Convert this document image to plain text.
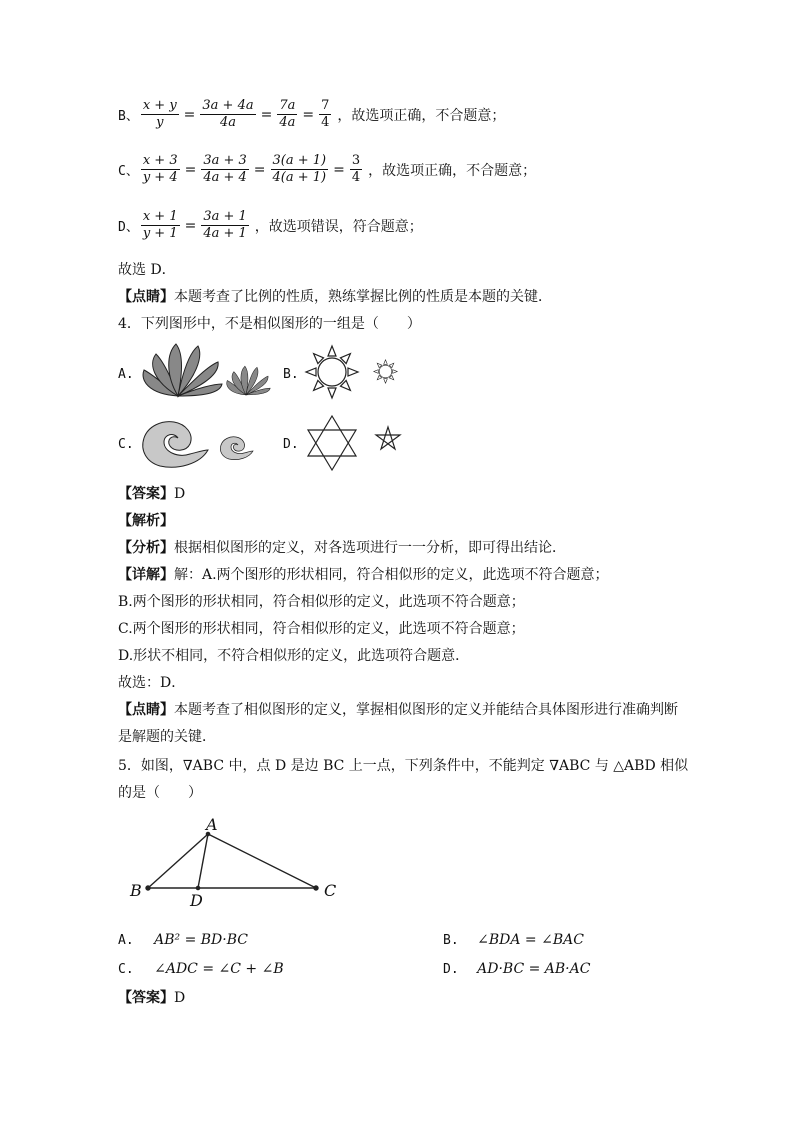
B、 $\frac{x + y}{y} = \frac{3a + 4a}{4a} = \frac{7a}{4a} = \frac{7}{4}$ ，故选项正确，不合题意；
C、 $\frac{x + 3}{y + 4} = \frac{3a + 3}{4a + 4} = \frac{3(a + 1)}{4(a + 1)} = \frac{3}{4}$ ，故选项正确，不合题意；
D、 $\frac{x + 1}{y + 1} = \frac{3a + 1}{4a + 1}$ ，故选项错误，符合题意；
故选 D．
【点睛】本题考查了比例的性质，熟练掌握比例的性质是本题的关键．
4．下列图形中，不是相似图形的一组是（　　）
A.	B.
C.	D.
【答案】D
【解析】
【分析】根据相似图形的定义，对各选项进行一一分析，即可得出结论．
【详解】解：A.两个图形的形状相同，符合相似形的定义，此选项不符合题意；
B.两个图形的形状相同，符合相似形的定义，此选项不符合题意；
C.两个图形的形状相同，符合相似形的定义，此选项不符合题意；
D.形状不相同，不符合相似形的定义，此选项符合题意．
故选：D．
【点睛】本题考查了相似图形的定义，掌握相似图形的定义并能结合具体图形进行准确判断
是解题的关键．
5．如图，∇ABC 中，点 D 是边 BC 上一点，下列条件中，不能判定 ∇ABC 与 △ABD 相似
的是（　　）
A
B	C
D
A. AB² = BD·BC	B. ∠BDA = ∠BAC
C. ∠ADC = ∠C + ∠B	D. AD·BC = AB·AC
【答案】D
